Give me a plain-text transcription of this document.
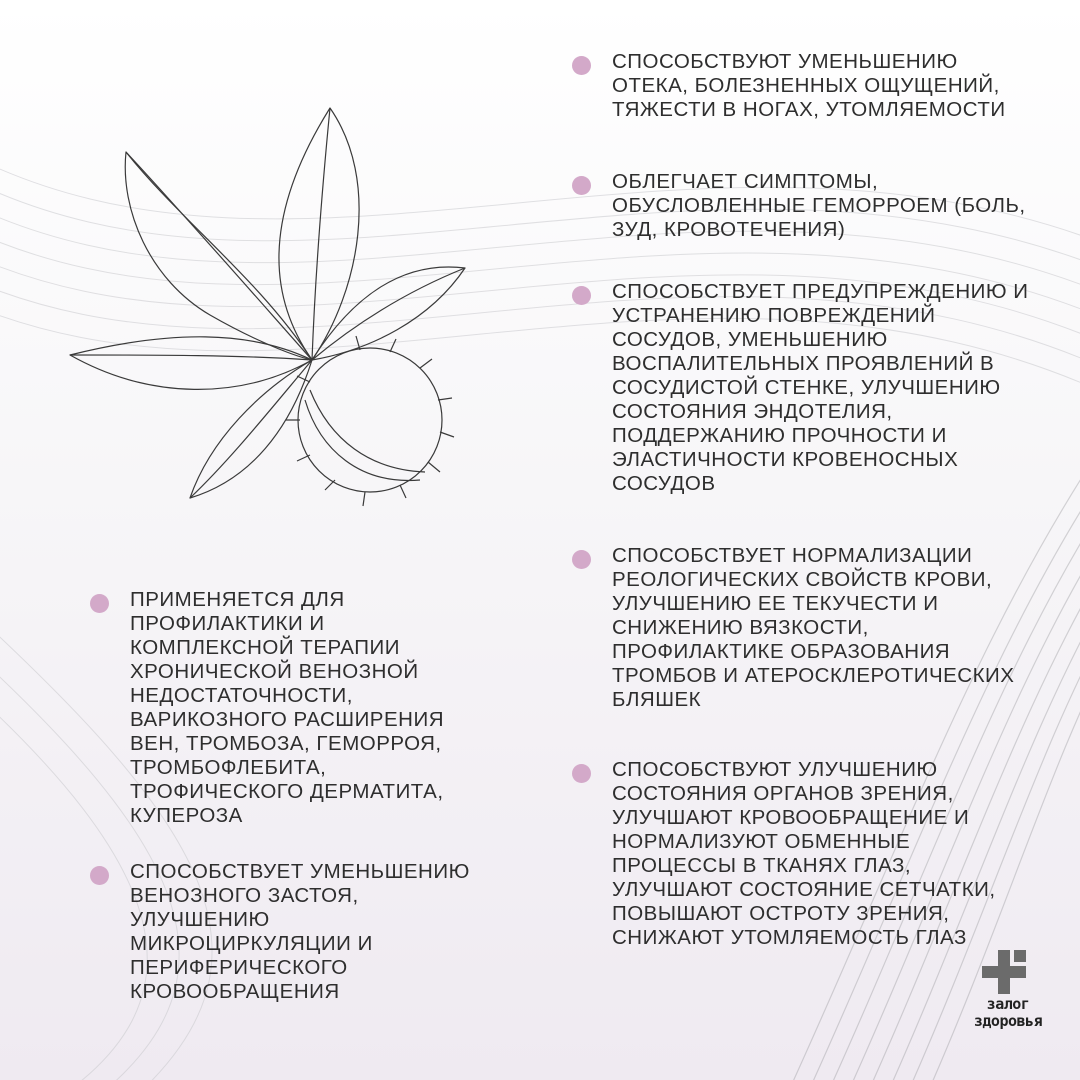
ПРИМЕНЯЕТСЯ ДЛЯ ПРОФИЛАКТИКИ И КОМПЛЕКСНОЙ ТЕРАПИИ ХРОНИЧЕСКОЙ ВЕНОЗНОЙ НЕДОСТАТОЧНОСТИ, ВАРИКОЗНОГО РАСШИРЕНИЯ ВЕН, ТРОМБОЗА, ГЕМОРРОЯ, ТРОМБОФЛЕБИТА, ТРОФИЧЕСКОГО ДЕРМАТИТА, КУПЕРОЗА
СПОСОБСТВУЕТ УМЕНЬШЕНИЮ ВЕНОЗНОГО ЗАСТОЯ, УЛУЧШЕНИЮ МИКРОЦИРКУЛЯЦИИ И ПЕРИФЕРИЧЕСКОГО КРОВООБРАЩЕНИЯ
СПОСОБСТВУЮТ УМЕНЬШЕНИЮ ОТЕКА, БОЛЕЗНЕННЫХ ОЩУЩЕНИЙ, ТЯЖЕСТИ В НОГАХ, УТОМЛЯЕМОСТИ
ОБЛЕГЧАЕТ СИМПТОМЫ, ОБУСЛОВЛЕННЫЕ ГЕМОРРОЕМ (БОЛЬ, ЗУД, КРОВОТЕЧЕНИЯ)
СПОСОБСТВУЕТ ПРЕДУПРЕЖДЕНИЮ И УСТРАНЕНИЮ ПОВРЕЖДЕНИЙ СОСУДОВ, УМЕНЬШЕНИЮ ВОСПАЛИТЕЛЬНЫХ ПРОЯВЛЕНИЙ В СОСУДИСТОЙ СТЕНКЕ, УЛУЧШЕНИЮ СОСТОЯНИЯ ЭНДОТЕЛИЯ, ПОДДЕРЖАНИЮ ПРОЧНОСТИ И ЭЛАСТИЧНОСТИ КРОВЕНОСНЫХ СОСУДОВ
СПОСОБСТВУЕТ НОРМАЛИЗАЦИИ РЕОЛОГИЧЕСКИХ СВОЙСТВ КРОВИ, УЛУЧШЕНИЮ ЕЕ ТЕКУЧЕСТИ И СНИЖЕНИЮ ВЯЗКОСТИ, ПРОФИЛАКТИКЕ ОБРАЗОВАНИЯ ТРОМБОВ И АТЕРОСКЛЕРОТИЧЕСКИХ БЛЯШЕК
СПОСОБСТВУЮТ УЛУЧШЕНИЮ СОСТОЯНИЯ ОРГАНОВ ЗРЕНИЯ, УЛУЧШАЮТ КРОВООБРАЩЕНИЕ И НОРМАЛИЗУЮТ ОБМЕННЫЕ ПРОЦЕССЫ В ТКАНЯХ ГЛАЗ, УЛУЧШАЮТ СОСТОЯНИЕ СЕТЧАТКИ, ПОВЫШАЮТ ОСТРОТУ ЗРЕНИЯ, СНИЖАЮТ УТОМЛЯЕМОСТЬ ГЛАЗ
залог
здоровья
